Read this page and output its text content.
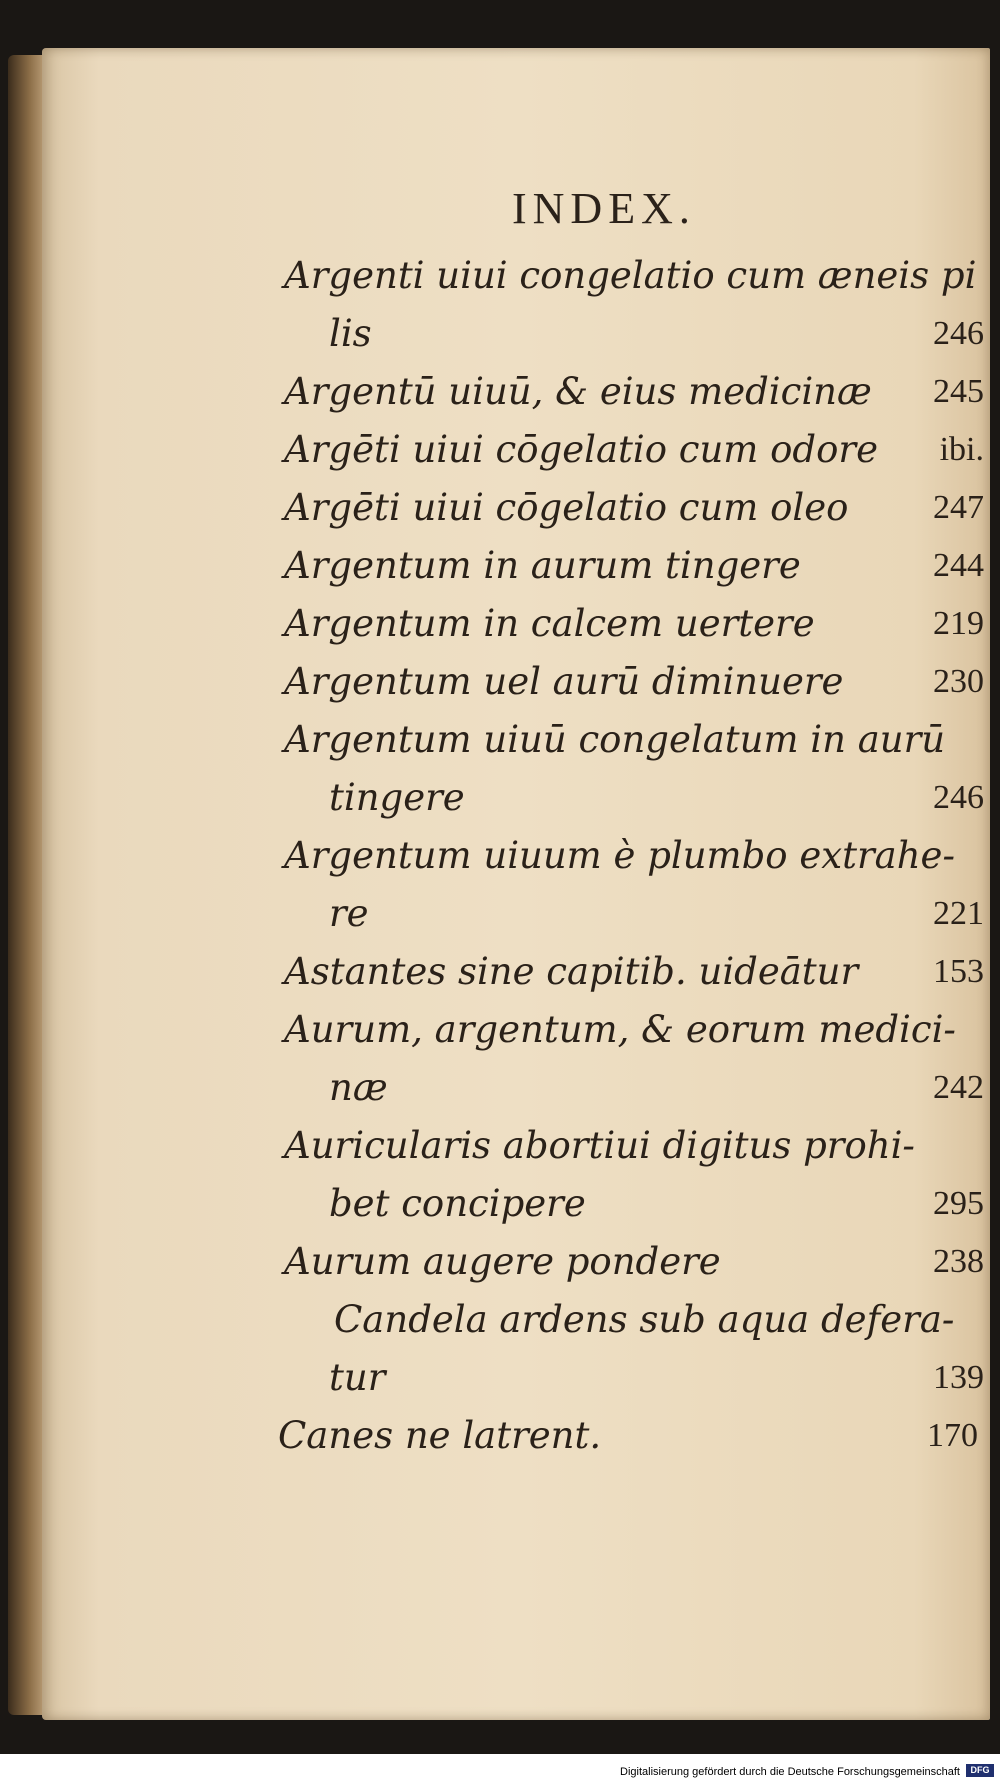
INDEX.
Argenti uiui congelatio cum æneis pi
lis	246
Argentū uiuū, & eius medicinæ 245
Argēti uiui cōgelatio cum odore ibi.
Argēti uiui cōgelatio cum oleo 247
Argentum in aurum tingere	244
Argentum in calcem uertere	219
Argentum uel aurū diminuere	230
Argentum uiuū congelatum in aurū
tingere	246
Argentum uiuum è plumbo extrahe-
re	221
Astantes sine capitib. uideātur 153
Aurum, argentum, & eorum medici-
næ	242
Auricularis abortiui digitus prohi-
bet concipere	295
Aurum augere pondere	238
Candela ardens sub aqua defera-
tur	139
Canes ne latrent.	170
Digitalisierung gefördert durch die Deutsche Forschungsgemeinschaft	DFG
